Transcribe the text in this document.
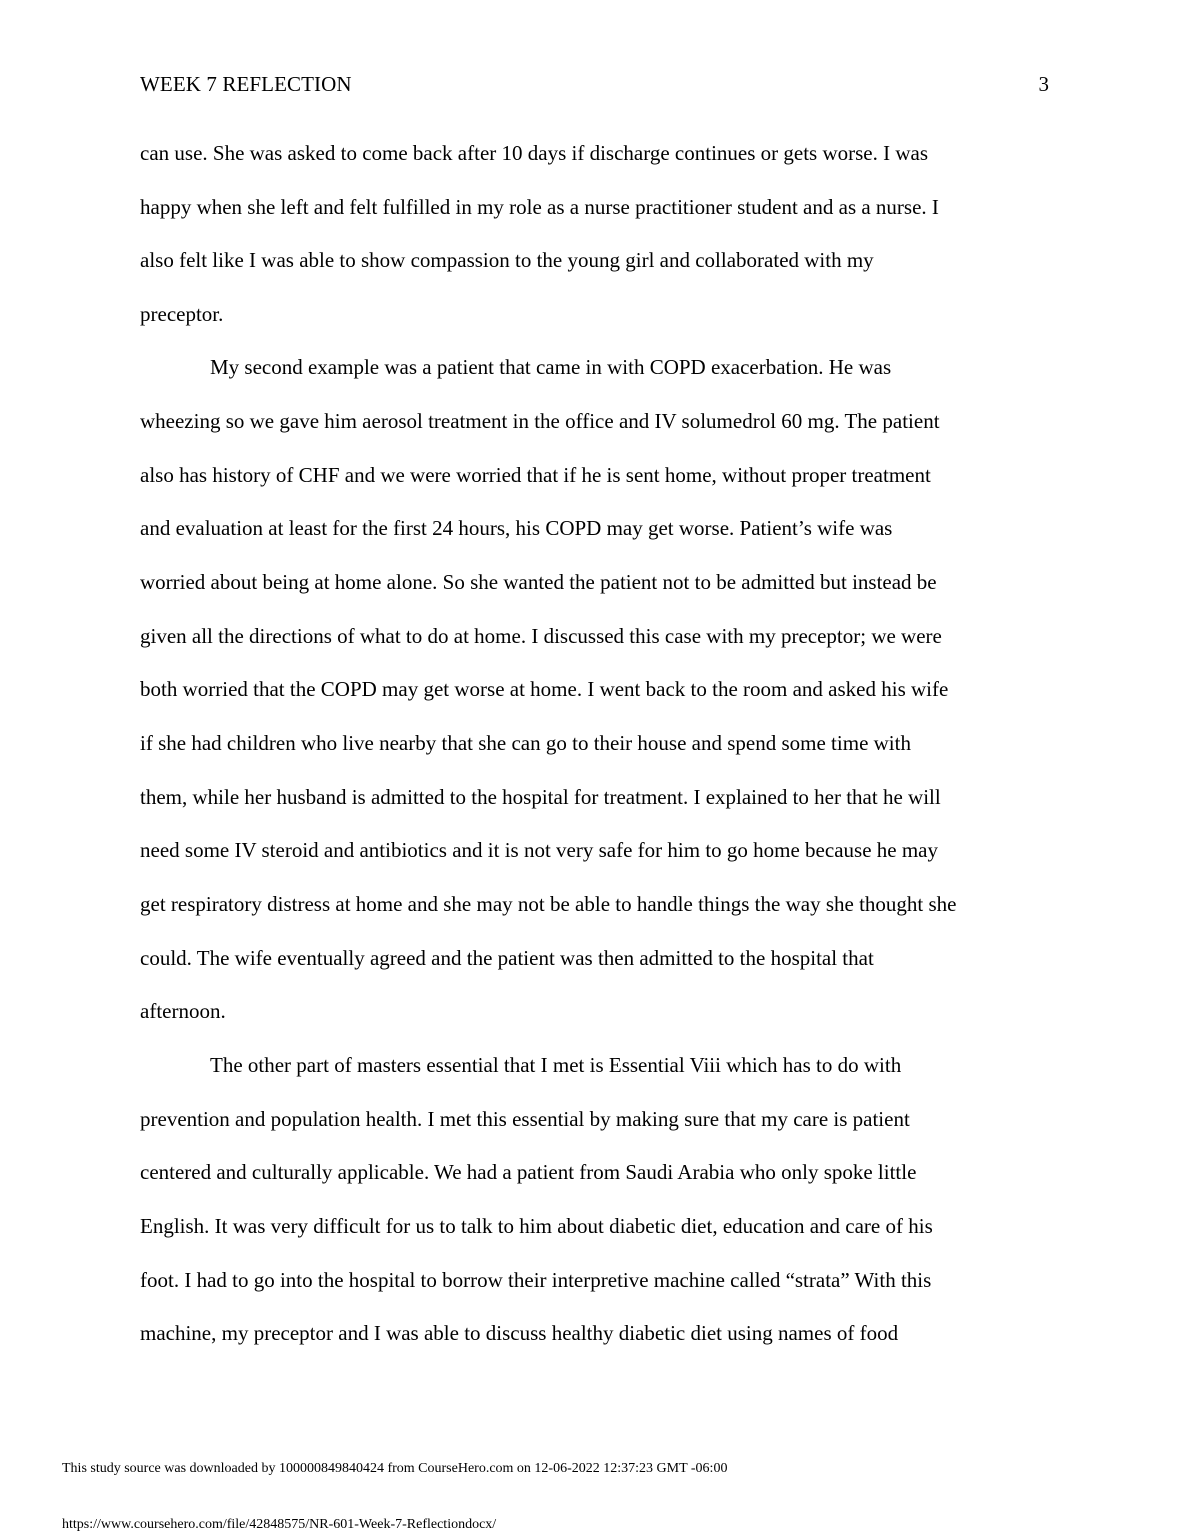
WEEK 7 REFLECTION	3
can use. She was asked to come back after 10 days if discharge continues or gets worse. I was
happy when she left and felt fulfilled in my role as a nurse practitioner student and as a nurse. I
also felt like I was able to show compassion to the young girl and collaborated with my
preceptor.
My second example was a patient that came in with COPD exacerbation. He was
wheezing so we gave him aerosol treatment in the office and IV solumedrol 60 mg. The patient
also has history of CHF and we were worried that if he is sent home, without proper treatment
and evaluation at least for the first 24 hours, his COPD may get worse. Patient’s wife was
worried about being at home alone. So she wanted the patient not to be admitted but instead be
given all the directions of what to do at home. I discussed this case with my preceptor; we were
both worried that the COPD may get worse at home. I went back to the room and asked his wife
if she had children who live nearby that she can go to their house and spend some time with
them, while her husband is admitted to the hospital for treatment. I explained to her that he will
need some IV steroid and antibiotics and it is not very safe for him to go home because he may
get respiratory distress at home and she may not be able to handle things the way she thought she
could. The wife eventually agreed and the patient was then admitted to the hospital that
afternoon.
The other part of masters essential that I met is Essential Viii which has to do with
prevention and population health. I met this essential by making sure that my care is patient
centered and culturally applicable. We had a patient from Saudi Arabia who only spoke little
English. It was very difficult for us to talk to him about diabetic diet, education and care of his
foot. I had to go into the hospital to borrow their interpretive machine called “strata” With this
machine, my preceptor and I was able to discuss healthy diabetic diet using names of food
This study source was downloaded by 100000849840424 from CourseHero.com on 12-06-2022 12:37:23 GMT -06:00
https://www.coursehero.com/file/42848575/NR-601-Week-7-Reflectiondocx/
